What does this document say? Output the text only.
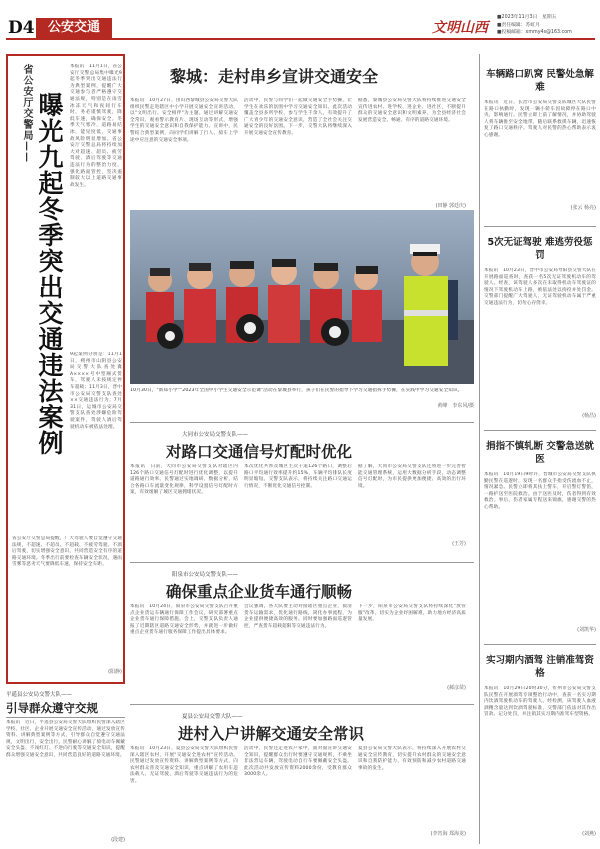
D4	公安交通	文明山西
■2023年11月3日　星期五
■责任编辑：苏虹月
■投稿邮箱：xmmy4s@163.com
省公安厅交警局—— 曝光九起冬季突出交通违法案例
本报讯　11月1日，省公安厅交警总局集中曝光9起冬季突出交通违法行为典型案例，提醒广大交通参与者严格遵守交通法规，特别是在雨雪冰冻天气和夜间行车时，务必谨慎驾驶，降低车速，确保安全。冬季天气寒冷，道路易结冰，能见度低，交通事故风险明显增加。省公安厅交警总局将持续加大对超速、超员、疲劳驾驶、酒后驾驶等交通违法行为的整治力度，强化路面管控，坚决遏制较大以上道路交通事故发生。
9起案例分别是：11月1日，朔州市山阴县公安局交警大队查处冀A××××号中型厢式货车，驾驶人未按规定停车超载；11月3日，晋中市公安局交警支队查处××交通违法行为；7月31日，运城市公安局交警支队查处涉嫌危险驾驶案件，驾驶人酒后驾驶机动车被依法处理。
省公安厅交警总局提醒，广大驾驶人要自觉遵守交通法规，不超速、不超员、不超载、不疲劳驾驶、不酒后驾驶，切实增强安全意识，共同营造安全有序的道路交通环境。冬季出行前要检查车辆安全状况，遇雨雪雾等恶劣天气要降低车速，保持安全车距。
(阳静)
平遥县公安局交警大队——
引导群众遵守交规
本报讯　近日，平遥县公安局交警大队组织民警深入辖区学校、社区、企业开展交通安全宣传活动，通过发放宣传资料、讲解典型案例等方式，引导群众自觉遵守交通法规，文明出行，安全出行。民警耐心讲解了骑电动车佩戴安全头盔、不闯红灯、不逆向行驶等交通安全知识，提醒群众增强交通安全意识，共同营造良好的道路交通环境。
(段建)
黎城：走村串乡宣讲交通安全
本报讯　10月27日，由山西黎城县公安局交警大队组织民警走进辖区中小学开展交通安全宣讲活动，以"文明出行、安全相伴"为主题，通过讲解交通安全常识、观看警示教育片、现场互动等形式，增强学生的交通安全意识和自我保护能力。宣讲中，民警结合典型案例，向同学们讲解了行人、骑车上学途中应注意的交通安全事项。
活动中，民警与同学们一起做交通安全手势操，让学生在欢乐的氛围中学习交通安全知识。此次活动覆盖全县多所学校，参与学生千余人，有效提升了广大青少年的交通安全意识，营造了全社会关注交通安全的良好氛围。下一步，交警大队将继续深入开展交通安全宣传教育。
据悉，黎城县公安局交警大队将持续推进交通安全宣传进农村、进学校、进企业、进社区，不断提升群众的交通安全意识和文明素养，为全县经济社会发展营造安全、畅通、有序的道路交通环境。
(田静 郭廷庆)
10月30日，"新郑小学""2023年全国中小学生交通安全示范课"活动在黎城县举行，孩子们在民警的指导下学习交通指挥手势操，在实践中学习交通安全知识。
黄峰　李东风/摄
大同市公安局交警支队——
对路口交通信号灯配时优化
本报讯　日前，大同市公安局交警支队对辖区内126个路口交通信号灯配时进行优化调整，以提升道路通行效率。民警通过实地调研、数据分析，结合各路口车流量变化规律，科学设置信号灯配时方案，有效缓解了城区交通拥堵状况。
本次优化共涉及城区主次干道126个路口，调整后路口平均通行效率提升约15%，车辆平均排队长度明显缩短。交警支队表示，将持续关注路口交通运行情况，不断优化交通信号控制。
据了解，大同市公安局交警支队还将进一步完善智能交通管理系统，运用大数据分析手段，动态调整信号灯配时，为市民提供更加便捷、高效的出行环境。
(王芳)
阳泉市公安局交警支队——
确保重点企业货车通行顺畅
本报讯　10月24日，阳泉市公安局交警支队召开重点企业货运车辆通行保障工作会议，研究部署重点企业货车通行保障措施。会上，交警支队负责人通报了近期辖区道路交通安全形势，并就进一步做好重点企业货车通行服务保障工作提出具体要求。
会议强调，各大队要主动对接辖区重点企业，摸清货车运输需求，优化通行路线，简化办事流程，为企业提供便捷高效的服务。同时要加强路面巡逻管控，严查货车超载超限等交通违法行为。
下一步，阳泉市公安局交警支队将持续深化"放管服"改革，切实为企业纾困解难，助力地方经济高质量发展。
(郝彦苗)
夏县公安局交警大队——
进村入户讲解交通安全常识
本报讯　10月23日，夏县公安局交警大队组织民警深入辖区农村，开展"交通安全进农村"宣传活动。民警通过发放宣传资料、讲解典型案例等方式，向农村群众普及交通安全知识，重点讲解了农用车违法载人、无证驾驶、酒后驾驶等交通违法行为的危害。
活动中，民警还走进农户家中，面对面宣讲交通安全知识，提醒群众出行时要遵守交通规则，不乘坐非法营运车辆，驾驶电动自行车要佩戴安全头盔。此次活动共发放宣传资料2000余份，受教育群众3000余人。
夏县公安局交警大队表示，将持续深入开展农村交通安全宣传教育，切实提升农村群众的交通安全意识和自我防护能力，有效预防和减少农村道路交通事故的发生。
(李宵海 郑海龙)
车辆路口趴窝 民警处急解难
本报讯　近日，长治市公安局交警支队城区大队民警在路口执勤时，发现一辆小轿车因故障停在路口中央，影响通行。民警立即上前了解情况，并协助驾驶人将车辆推至安全地带，随后联系救援车辆，迅速恢复了路口交通秩序。驾驶人对民警的热心帮助表示衷心感谢。
(张云 杨亮)
5次无证驾驶 难逃劳役惩罚
本报讯　10月23日，晋中市公安局寿阳县交警大队在开展路面巡查时，查获一名5次无证驾驶机动车的驾驶人。经查，该驾驶人多次在未取得机动车驾驶证的情况下驾驶机动车上路，被依法处以拘役并处罚金。交警部门提醒广大驾驶人，无证驾驶机动车属于严重交通违法行为，切勿心存侥幸。
(杨昌)
捐指不慎轧断 交警急送就医
本报讯　10月19日9时许，晋城市公安局交警支队执勤民警在巡逻时，发现一名群众手指受伤流血不止，情况紧急。民警立即将其扶上警车，开启警灯警笛，一路护送至医院救治。由于送医及时，伤者得到有效救治。事后，伤者家属专程送来锦旗，感谢交警的热心帮助。
(刘凯华)
实习期内酒驾 注销准驾资格
本报讯　10月29日20时30分，忻州市公安局交警支队民警在开展酒驾专项整治行动中，查获一名实习期内饮酒驾驶机动车的驾驶人。经检测，该驾驶人血液酒精含量达到饮酒驾驶标准，交警部门依法对其作出罚款、记分处罚，并注销其实习期内准驾车型资格。
(刘燕)
